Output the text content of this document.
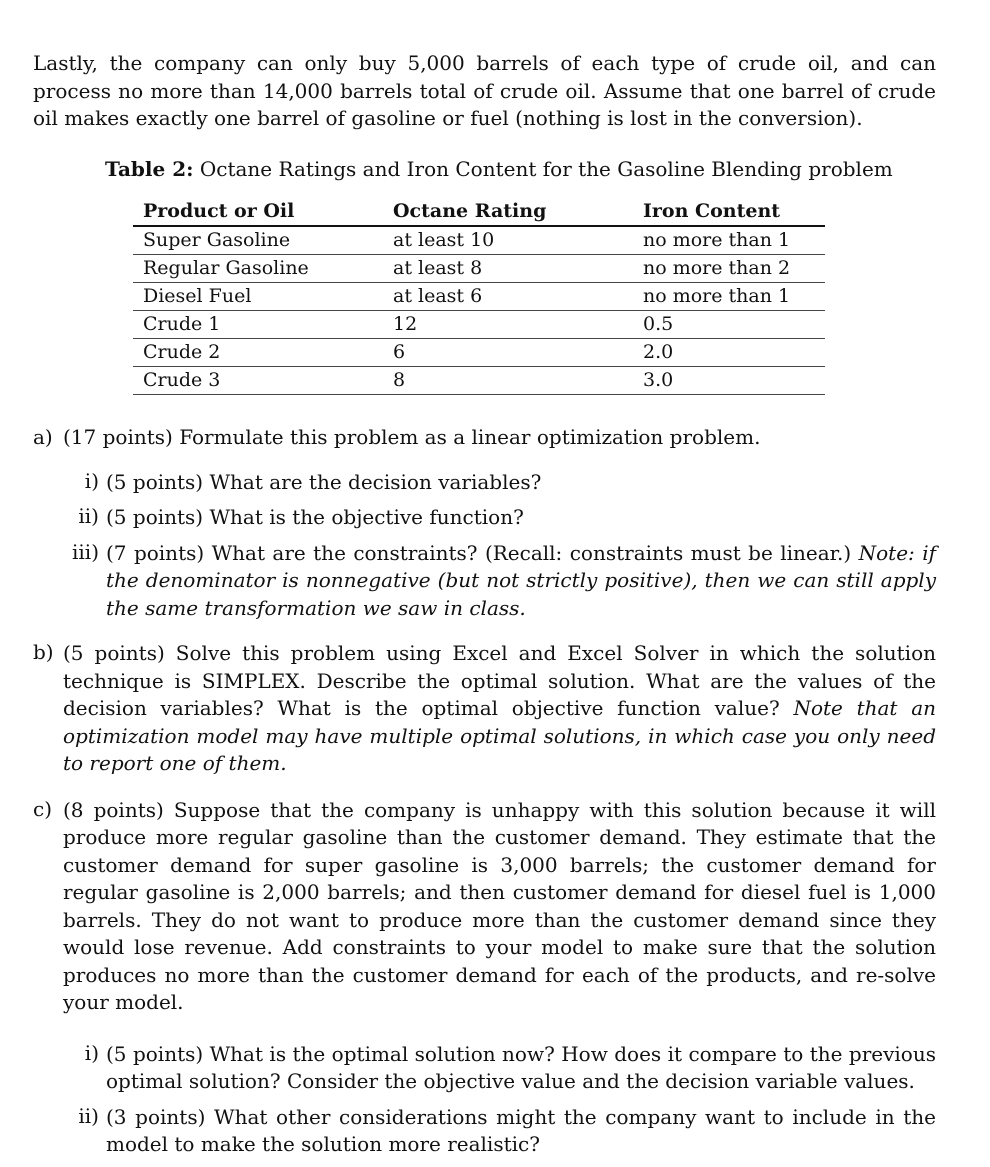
Lastly, the company can only buy 5,000 barrels of each type of crude oil, and can process no more than 14,000 barrels total of crude oil. Assume that one barrel of crude oil makes exactly one barrel of gasoline or fuel (nothing is lost in the conversion).

Table 2: Octane Ratings and Iron Content for the Gasoline Blending problem

Product or Oil	Octane Rating	Iron Content
Super Gasoline	at least 10	no more than 1
Regular Gasoline	at least 8	no more than 2
Diesel Fuel	at least 6	no more than 1
Crude 1	12	0.5
Crude 2	6	2.0
Crude 3	8	3.0
a) (17 points) Formulate this problem as a linear optimization problem.

i) (5 points) What are the decision variables?

ii) (5 points) What is the objective function?

iii) (7 points) What are the constraints? (Recall: constraints must be linear.) Note: if the denominator is nonnegative (but not strictly positive), then we can still apply the same transformation we saw in class.

b) (5 points) Solve this problem using Excel and Excel Solver in which the solution technique is SIMPLEX. Describe the optimal solution. What are the values of the decision variables? What is the optimal objective function value? Note that an optimization model may have multiple optimal solutions, in which case you only need to report one of them.

c) (8 points) Suppose that the company is unhappy with this solution because it will produce more regular gasoline than the customer demand. They estimate that the customer demand for super gasoline is 3,000 barrels; the customer demand for regular gasoline is 2,000 barrels; and then customer demand for diesel fuel is 1,000 barrels. They do not want to produce more than the customer demand since they would lose revenue. Add constraints to your model to make sure that the solution produces no more than the customer demand for each of the products, and re-solve your model.

i) (5 points) What is the optimal solution now? How does it compare to the previous optimal solution? Consider the objective value and the decision variable values.

ii) (3 points) What other considerations might the company want to include in the model to make the solution more realistic?
